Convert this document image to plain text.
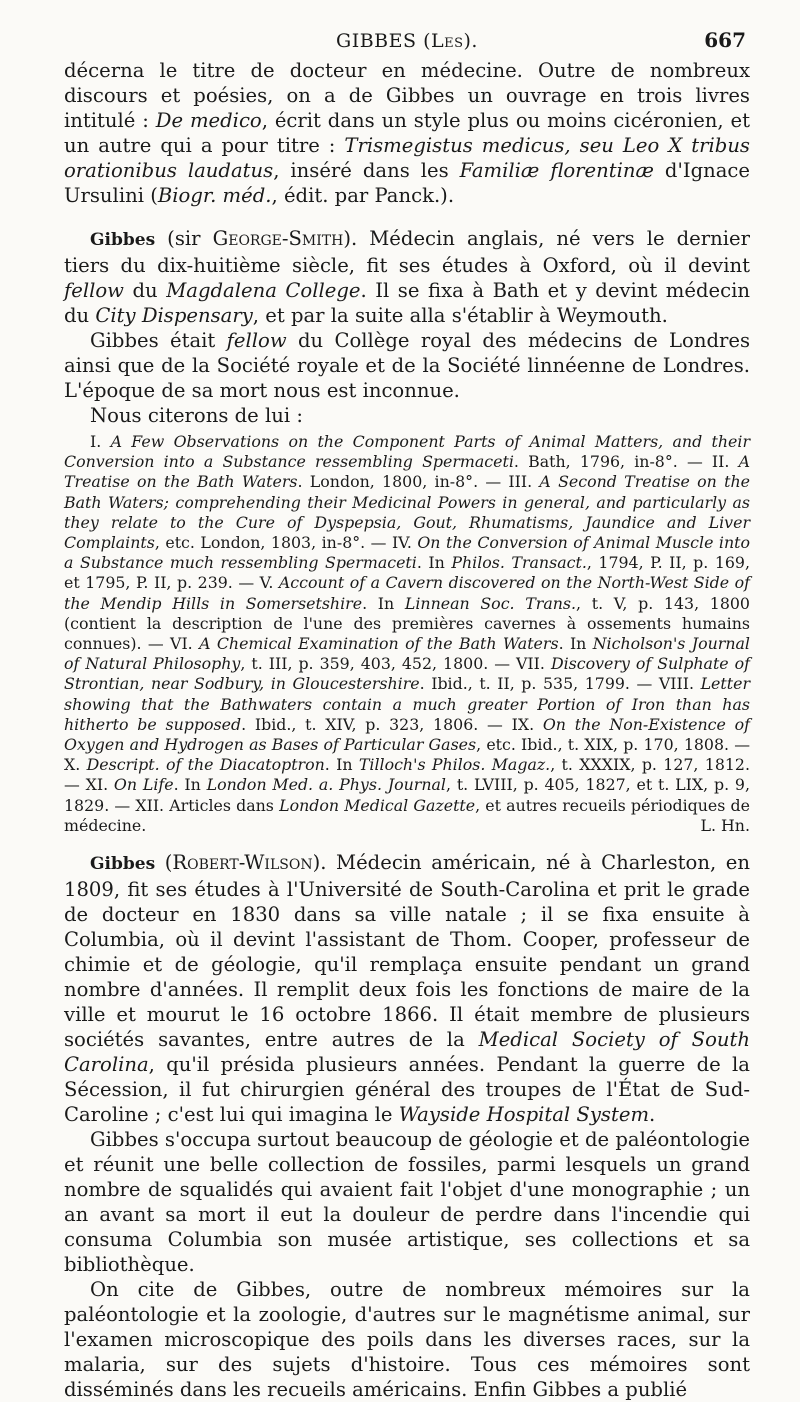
GIBBES (Les).	667

décerna le titre de docteur en médecine. Outre de nombreux discours et poésies, on a de Gibbes un ouvrage en trois livres intitulé : De medico, écrit dans un style plus ou moins cicéronien, et un autre qui a pour titre : Trismegistus medicus, seu Leo X tribus orationibus laudatus, inséré dans les Familiæ florentinæ d'Ignace Ursulini (Biogr. méd., édit. par Panck.).

Gibbes (sir George-Smith). Médecin anglais, né vers le dernier tiers du dix-huitième siècle, fit ses études à Oxford, où il devint fellow du Magdalena College. Il se fixa à Bath et y devint médecin du City Dispensary, et par la suite alla s'établir à Weymouth.

Gibbes était fellow du Collège royal des médecins de Londres ainsi que de la Société royale et de la Société linnéenne de Londres. L'époque de sa mort nous est inconnue.

Nous citerons de lui :

I. A Few Observations on the Component Parts of Animal Matters, and their Conversion into a Substance ressembling Spermaceti. Bath, 1796, in-8°. — II. A Treatise on the Bath Waters. London, 1800, in-8°. — III. A Second Treatise on the Bath Waters; comprehending their Medicinal Powers in general, and particularly as they relate to the Cure of Dyspepsia, Gout, Rhumatisms, Jaundice and Liver Complaints, etc. London, 1803, in-8°. — IV. On the Conversion of Animal Muscle into a Substance much ressembling Spermaceti. In Philos. Transact., 1794, P. II, p. 169, et 1795, P. II, p. 239. — V. Account of a Cavern discovered on the North-West Side of the Mendip Hills in Somersetshire. In Linnean Soc. Trans., t. V, p. 143, 1800 (contient la description de l'une des premières cavernes à ossements humains connues). — VI. A Chemical Examination of the Bath Waters. In Nicholson's Journal of Natural Philosophy, t. III, p. 359, 403, 452, 1800. — VII. Discovery of Sulphate of Strontian, near Sodbury, in Gloucestershire. Ibid., t. II, p. 535, 1799. — VIII. Letter showing that the Bathwaters contain a much greater Portion of Iron than has hitherto be supposed. Ibid., t. XIV, p. 323, 1806. — IX. On the Non-Existence of Oxygen and Hydrogen as Bases of Particular Gases, etc. Ibid., t. XIX, p. 170, 1808. — X. Descript. of the Diacatoptron. In Tilloch's Philos. Magaz., t. XXXIX, p. 127, 1812. — XI. On Life. In London Med. a. Phys. Journal, t. LVIII, p. 405, 1827, et t. LIX, p. 9, 1829. — XII. Articles dans London Medical Gazette, et autres recueils périodiques de médecine.	L. Hn.

Gibbes (Robert-Wilson). Médecin américain, né à Charleston, en 1809, fit ses études à l'Université de South-Carolina et prit le grade de docteur en 1830 dans sa ville natale ; il se fixa ensuite à Columbia, où il devint l'assistant de Thom. Cooper, professeur de chimie et de géologie, qu'il remplaça ensuite pendant un grand nombre d'années. Il remplit deux fois les fonctions de maire de la ville et mourut le 16 octobre 1866. Il était membre de plusieurs sociétés savantes, entre autres de la Medical Society of South Carolina, qu'il présida plusieurs années. Pendant la guerre de la Sécession, il fut chirurgien général des troupes de l'État de Sud-Caroline ; c'est lui qui imagina le Wayside Hospital System.

Gibbes s'occupa surtout beaucoup de géologie et de paléontologie et réunit une belle collection de fossiles, parmi lesquels un grand nombre de squalidés qui avaient fait l'objet d'une monographie ; un an avant sa mort il eut la douleur de perdre dans l'incendie qui consuma Columbia son musée artistique, ses collections et sa bibliothèque.

On cite de Gibbes, outre de nombreux mémoires sur la paléontologie et la zoologie, d'autres sur le magnétisme animal, sur l'examen microscopique des poils dans les diverses races, sur la malaria, sur des sujets d'histoire. Tous ces mémoires sont disséminés dans les recueils américains. Enfin Gibbes a publié
